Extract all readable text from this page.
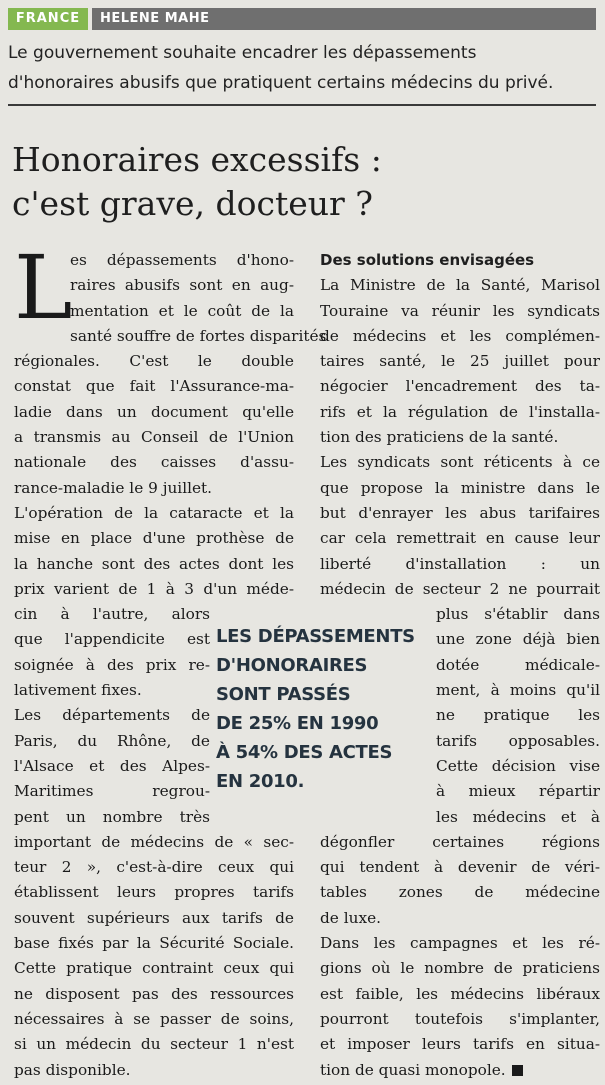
FRANCE	HELENE MAHE
Le gouvernement souhaite encadrer les dépassements
d'honoraires abusifs que pratiquent certains médecins du privé.
Honoraires excessifs :
c'est grave, docteur ?
L
es dépassements d'hono-
raires abusifs sont en aug-
mentation et le coût de la
santé souffre de fortes disparités
régionales. C'est le double
constat que fait l'Assurance-ma-
ladie dans un document qu'elle
a transmis au Conseil de l'Union
nationale des caisses d'assu-
rance-maladie le 9 juillet.
L'opération de la cataracte et la
mise en place d'une prothèse de
la hanche sont des actes dont les
prix varient de 1 à 3 d'un méde-
cin à l'autre, alors
que l'appendicite est
soignée à des prix re-
lativement fixes.
Les départements de
Paris, du Rhône, de
l'Alsace et des Alpes-
Maritimes regrou-
pent un nombre très
important de médecins de « sec-
teur 2 », c'est-à-dire ceux qui
établissent leurs propres tarifs
souvent supérieurs aux tarifs de
base fixés par la Sécurité Sociale.
Cette pratique contraint ceux qui
ne disposent pas des ressources
nécessaires à se passer de soins,
si un médecin du secteur 1 n'est
pas disponible.
Des solutions envisagées
La Ministre de la Santé, Marisol
Touraine va réunir les syndicats
de médecins et les complémen-
taires santé, le 25 juillet pour
négocier l'encadrement des ta-
rifs et la régulation de l'installa-
tion des praticiens de la santé.
Les syndicats sont réticents à ce
que propose la ministre dans le
but d'enrayer les abus tarifaires
car cela remettrait en cause leur
liberté d'installation : un
médecin de secteur 2 ne pourrait
plus s'établir dans
une zone déjà bien
dotée médicale-
ment, à moins qu'il
ne pratique les
tarifs opposables.
Cette décision vise
à mieux répartir
les médecins et à
dégonfler certaines régions
qui tendent à devenir de véri-
tables zones de médecine
de luxe.
Dans les campagnes et les ré-
gions où le nombre de praticiens
est faible, les médecins libéraux
pourront toutefois s'implanter,
et imposer leurs tarifs en situa-
tion de quasi monopole.
LES DÉPASSEMENTS
D'HONORAIRES
SONT PASSÉS
DE 25% EN 1990
À 54% DES ACTES
EN 2010.
